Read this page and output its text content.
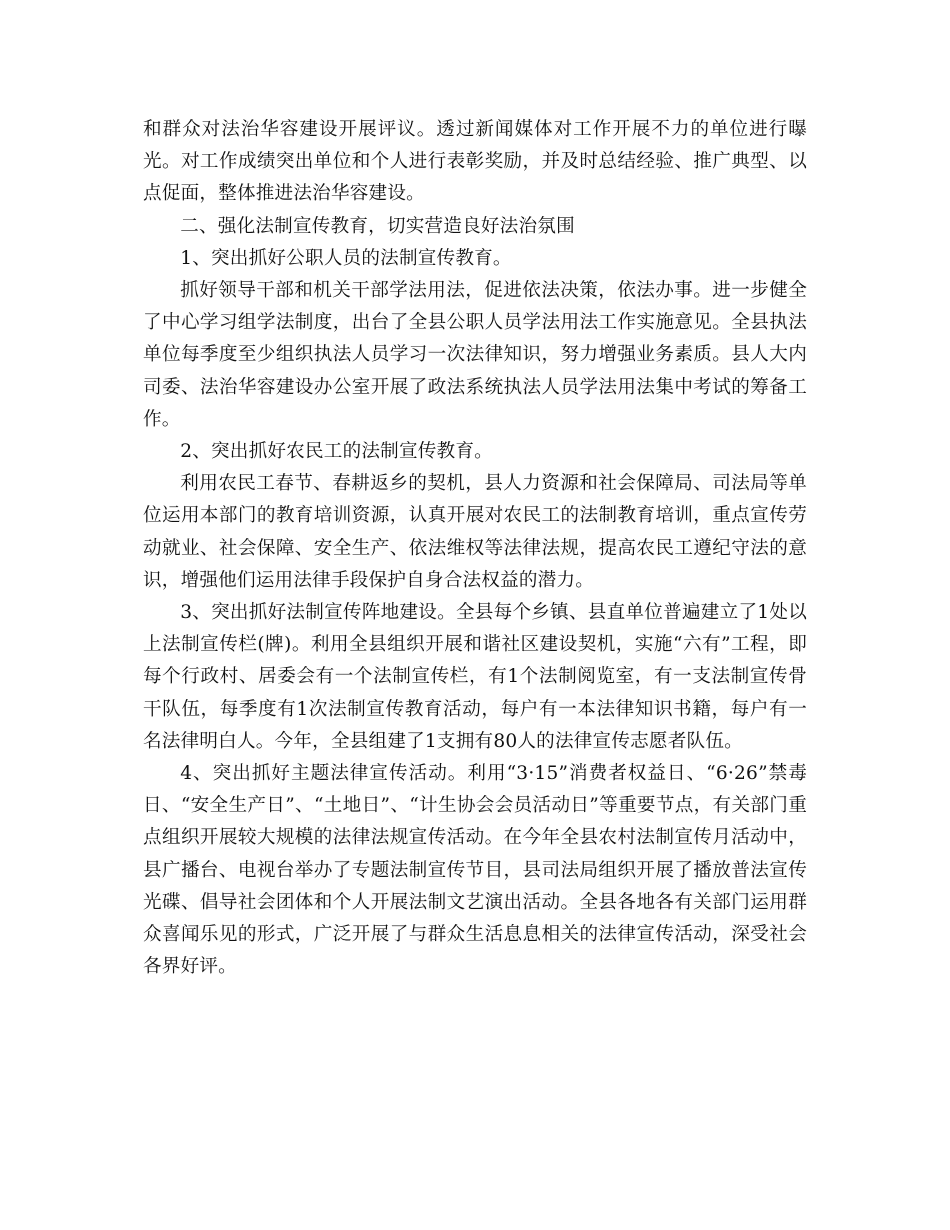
和群众对法治华容建设开展评议。透过新闻媒体对工作开展不力的单位进行曝光。对工作成绩突出单位和个人进行表彰奖励，并及时总结经验、推广典型、以点促面，整体推进法治华容建设。

二、强化法制宣传教育，切实营造良好法治氛围

1、突出抓好公职人员的法制宣传教育。

抓好领导干部和机关干部学法用法，促进依法决策，依法办事。进一步健全了中心学习组学法制度，出台了全县公职人员学法用法工作实施意见。全县执法单位每季度至少组织执法人员学习一次法律知识，努力增强业务素质。县人大内司委、法治华容建设办公室开展了政法系统执法人员学法用法集中考试的筹备工作。

2、突出抓好农民工的法制宣传教育。

利用农民工春节、春耕返乡的契机，县人力资源和社会保障局、司法局等单位运用本部门的教育培训资源，认真开展对农民工的法制教育培训，重点宣传劳动就业、社会保障、安全生产、依法维权等法律法规，提高农民工遵纪守法的意识，增强他们运用法律手段保护自身合法权益的潜力。

3、突出抓好法制宣传阵地建设。全县每个乡镇、县直单位普遍建立了1处以上法制宣传栏(牌)。利用全县组织开展和谐社区建设契机，实施“六有”工程，即每个行政村、居委会有一个法制宣传栏，有1个法制阅览室，有一支法制宣传骨干队伍，每季度有1次法制宣传教育活动，每户有一本法律知识书籍，每户有一名法律明白人。今年，全县组建了1支拥有80人的法律宣传志愿者队伍。

4、突出抓好主题法律宣传活动。利用“3·15”消费者权益日、“6·26”禁毒日、“安全生产日”、“土地日”、“计生协会会员活动日”等重要节点，有关部门重点组织开展较大规模的法律法规宣传活动。在今年全县农村法制宣传月活动中，县广播台、电视台举办了专题法制宣传节目，县司法局组织开展了播放普法宣传光碟、倡导社会团体和个人开展法制文艺演出活动。全县各地各有关部门运用群众喜闻乐见的形式，广泛开展了与群众生活息息相关的法律宣传活动，深受社会各界好评。
